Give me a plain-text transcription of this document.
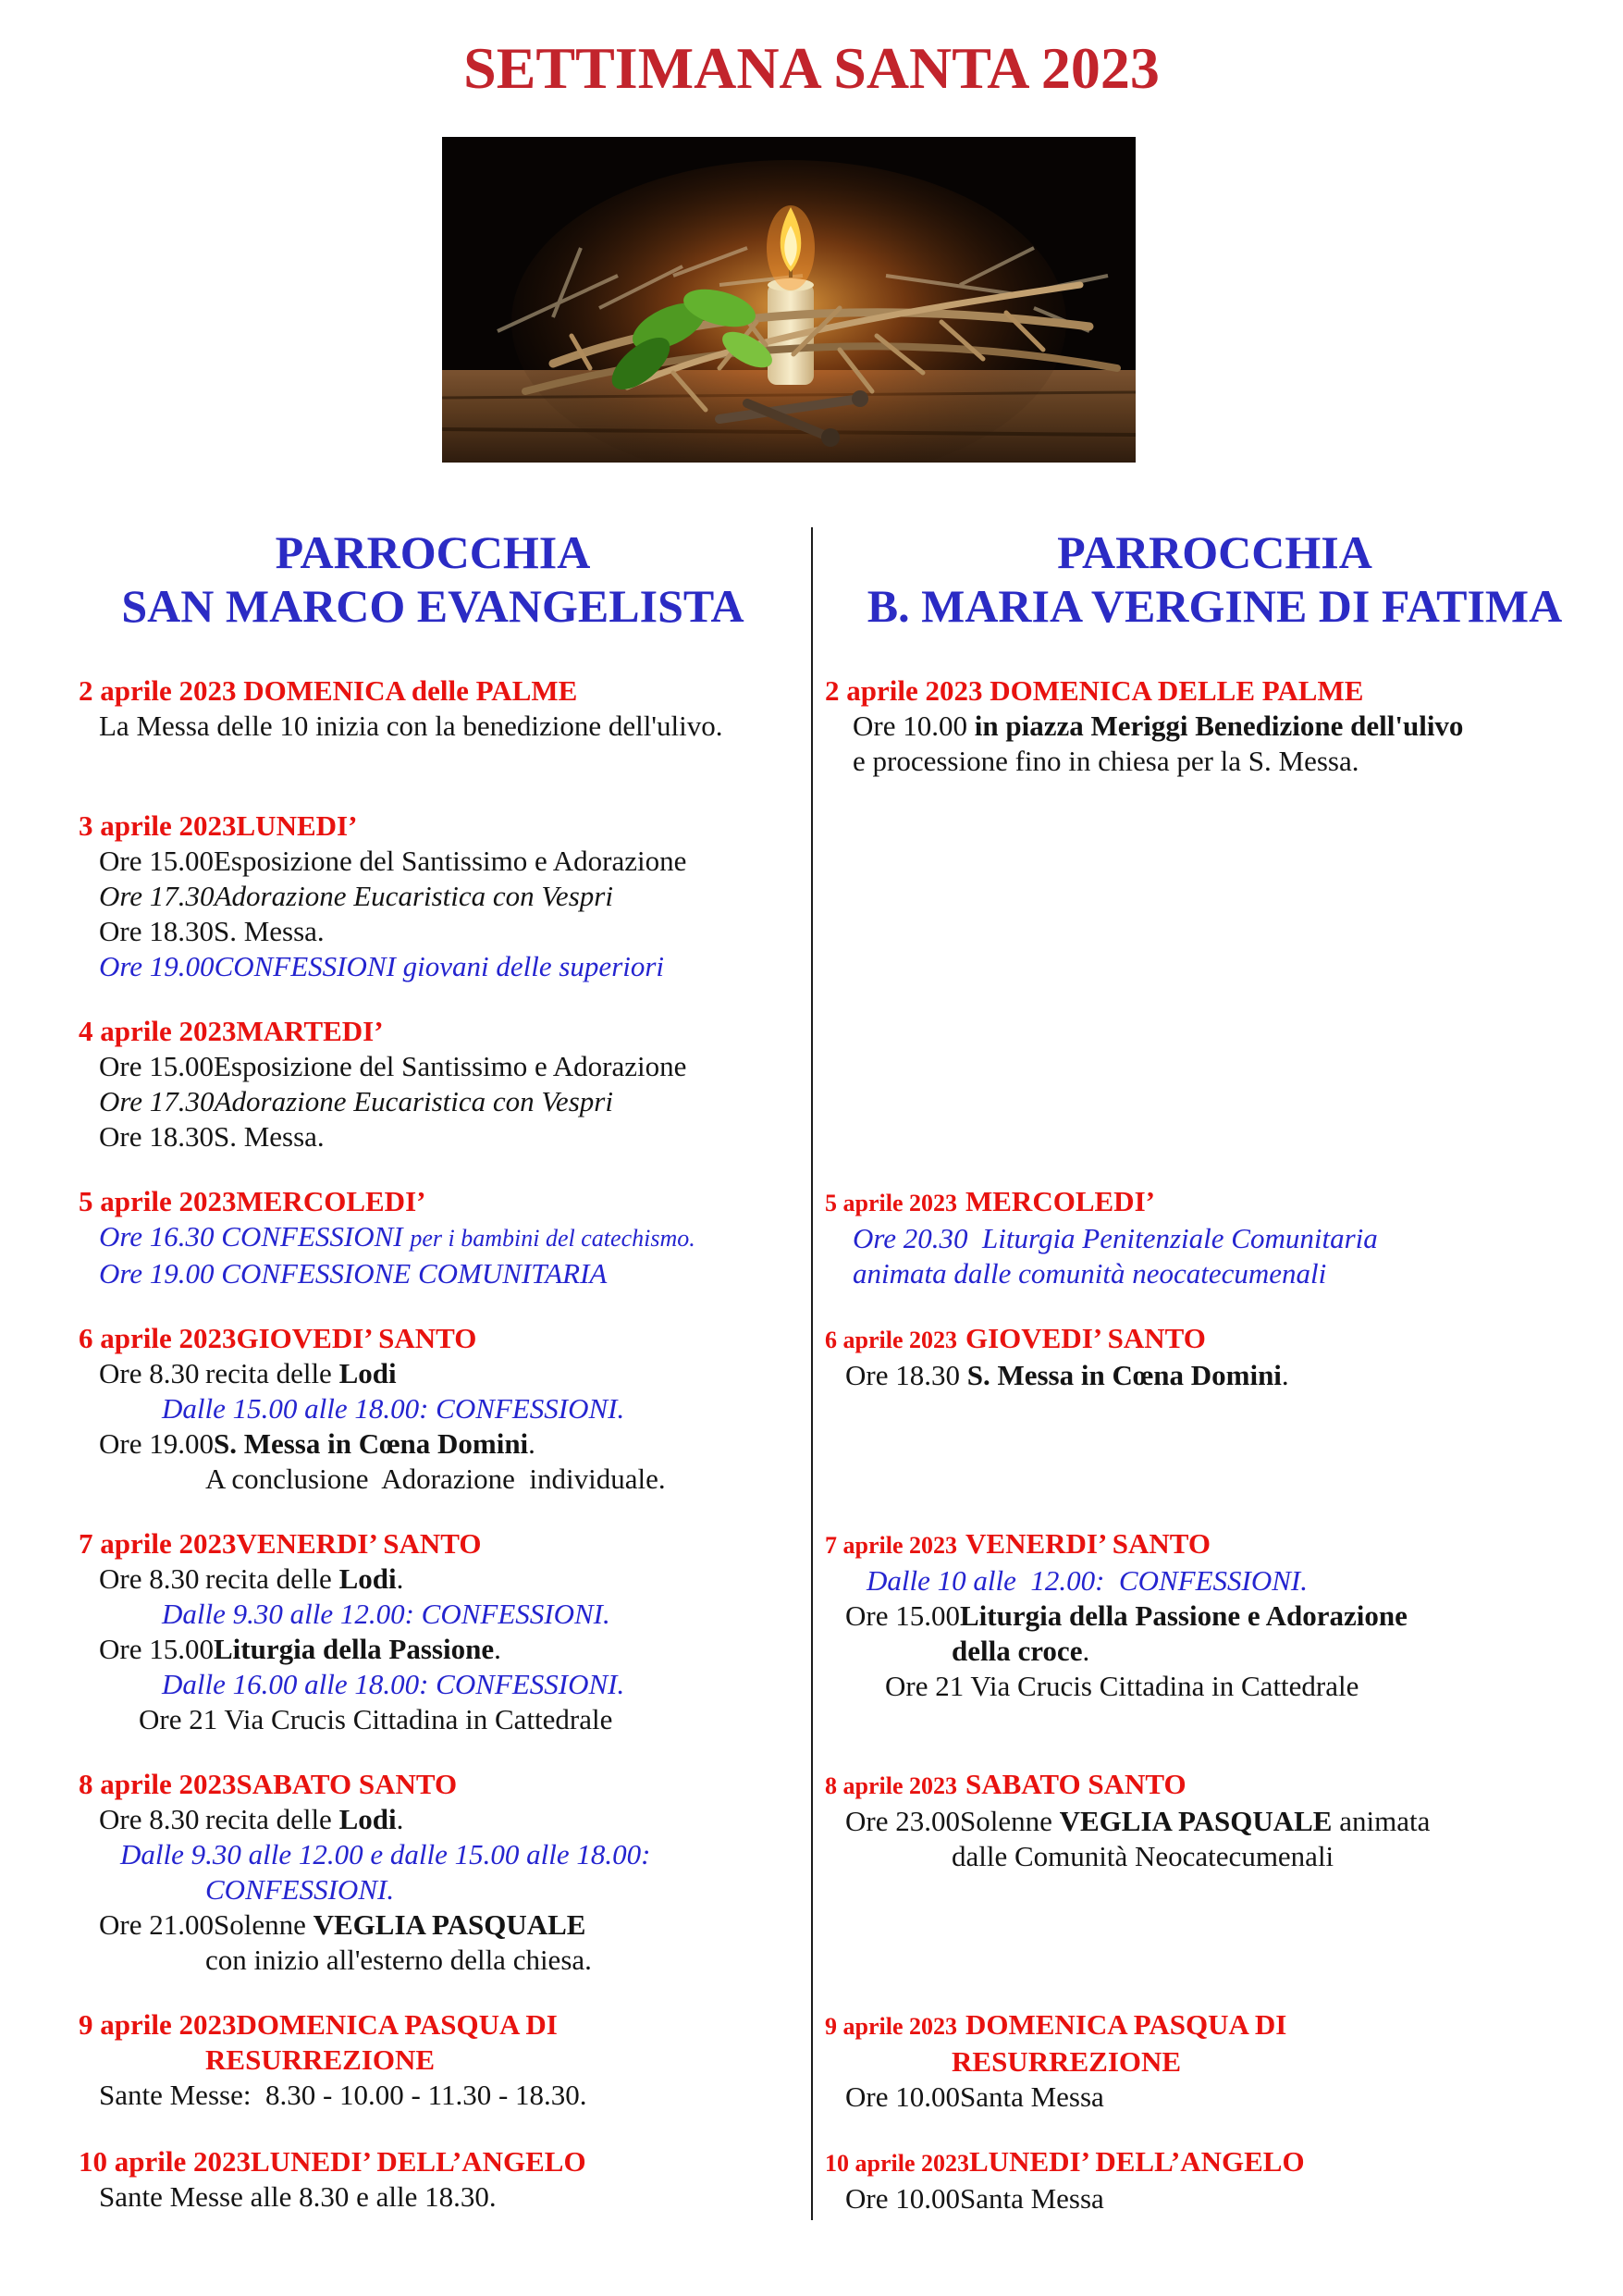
SETTIMANA SANTA 2023
PARROCCHIA
SAN MARCO EVANGELISTA
PARROCCHIA
B. MARIA VERGINE DI FATIMA
2 aprile 2023 DOMENICA delle PALME
La Messa delle 10 inizia con la benedizione dell'ulivo.
2 aprile 2023 DOMENICA DELLE PALME
Ore 10.00 in piazza Meriggi Benedizione dell'ulivo
e processione fino in chiesa per la S. Messa.
3 aprile 2023 LUNEDI’
Ore 15.00 Esposizione del Santissimo e Adorazione
Ore 17.30 Adorazione Eucaristica con Vespri
Ore 18.30 S. Messa.
Ore 19.00 CONFESSIONI giovani delle superiori
4 aprile 2023 MARTEDI’
Ore 15.00 Esposizione del Santissimo e Adorazione
Ore 17.30 Adorazione Eucaristica con Vespri
Ore 18.30 S. Messa.
5 aprile 2023 MERCOLEDI’
Ore 16.30 CONFESSIONI per i bambini del catechismo.
Ore 19.00 CONFESSIONE COMUNITARIA
5 aprile 2023 MERCOLEDI’
Ore 20.30  Liturgia Penitenziale Comunitaria
animata dalle comunità neocatecumenali
6 aprile 2023 GIOVEDI’ SANTO
Ore 8.30 recita delle Lodi
Dalle 15.00 alle 18.00: CONFESSIONI.
Ore 19.00 S. Messa in Cœna Domini.
A conclusione  Adorazione  individuale.
6 aprile 2023 GIOVEDI’ SANTO
Ore 18.30 S. Messa in Cœna Domini.
7 aprile 2023 VENERDI’ SANTO
Ore 8.30 recita delle Lodi.
Dalle 9.30 alle 12.00: CONFESSIONI.
Ore 15.00 Liturgia della Passione.
Dalle 16.00 alle 18.00: CONFESSIONI.
Ore 21 Via Crucis Cittadina in Cattedrale
7 aprile 2023 VENERDI’ SANTO
Dalle 10 alle  12.00:  CONFESSIONI.
Ore 15.00 Liturgia della Passione e Adorazione
della croce.
Ore 21 Via Crucis Cittadina in Cattedrale
8 aprile 2023 SABATO SANTO
Ore 8.30 recita delle Lodi.
Dalle 9.30 alle 12.00 e dalle 15.00 alle 18.00:
CONFESSIONI.
Ore 21.00 Solenne VEGLIA PASQUALE
con inizio all'esterno della chiesa.
8 aprile 2023 SABATO SANTO
Ore 23.00 Solenne VEGLIA PASQUALE animata
dalle Comunità Neocatecumenali
9 aprile 2023 DOMENICA PASQUA DI
RESURREZIONE
Sante Messe:  8.30 - 10.00 - 11.30 - 18.30.
9 aprile 2023 DOMENICA PASQUA DI
RESURREZIONE
Ore 10.00 Santa Messa
10 aprile 2023 LUNEDI’ DELL’ANGELO
Sante Messe alle 8.30 e alle 18.30.
10 aprile 2023 LUNEDI’ DELL’ANGELO
Ore 10.00 Santa Messa
